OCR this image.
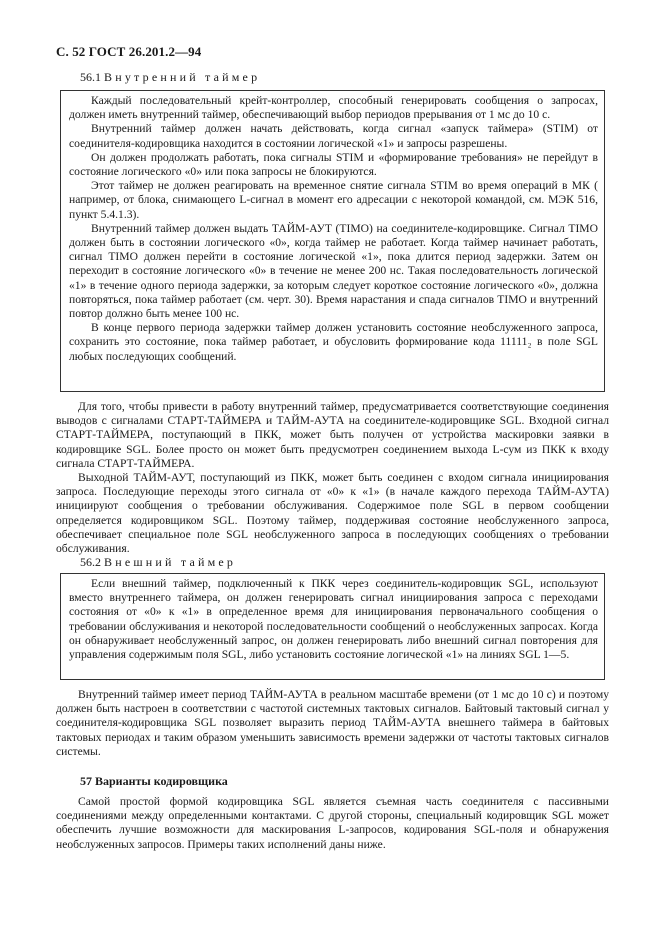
С. 52 ГОСТ 26.201.2—94
56.1 Внутренний таймер

Каждый последовательный крейт-контроллер, способный генерировать сообщения о запросах, должен иметь внутренний таймер, обеспечивающий выбор периодов прерывания от 1 мс до 10 с.

Внутренний таймер должен начать действовать, когда сигнал «запуск таймера» (STIM) от соединителя-кодировщика находится в состоянии логической «1» и запросы разрешены.

Он должен продолжать работать, пока сигналы STIM и «формирование требования» не перейдут в состояние логического «0» или пока запросы не блокируются.

Этот таймер не должен реагировать на временное снятие сигнала STIM во время операций в МК ( например, от блока, снимающего L-сигнал в момент его адресации с некоторой командой, см. МЭК 516, пункт 5.4.1.3).

Внутренний таймер должен выдать ТАЙМ-АУТ (TIMO) на соединителе-кодировщике. Сигнал TIMO должен быть в состоянии логического «0», когда таймер не работает. Когда таймер начинает работать, сигнал TIMO должен перейти в состояние логической «1», пока длится период задержки. Затем он переходит в состояние логического «0» в течение не менее 200 нс. Такая последовательность логической «1» в течение одного периода задержки, за которым следует короткое состояние логического «0», должна повторяться, пока таймер работает (см. черт. 30). Время нарастания и спада сигналов TIMO и внутренний повтор должно быть менее 100 нс.

В конце первого периода задержки таймер должен установить состояние необслуженного запроса, сохранить это состояние, пока таймер работает, и обусловить формирование кода 11111₂ в поле SGL любых последующих сообщений.

Для того, чтобы привести в работу внутренний таймер, предусматривается соответствующие соединения выводов с сигналами СТАРТ-ТАЙМЕРА и ТАЙМ-АУТА на соединителе-кодировщике SGL. Входной сигнал СТАРТ-ТАЙМЕРА, поступающий в ПКК, может быть получен от устройства маскировки заявки в кодировщике SGL. Более просто он может быть предусмотрен соединением выхода L-сум из ПКК к входу сигнала СТАРТ-ТАЙМЕРА.

Выходной ТАЙМ-АУТ, поступающий из ПКК, может быть соединен с входом сигнала инициирования запроса. Последующие переходы этого сигнала от «0» к «1» (в начале каждого перехода ТАЙМ-АУТА) инициируют сообщения о требовании обслуживания. Содержимое поле SGL в первом сообщении определяется кодировщиком SGL. Поэтому таймер, поддерживая состояние необслуженного запроса, обеспечивает специальное поле SGL необслуженного запроса в последующих сообщениях о требовании обслуживания.

56.2 Внешний таймер

Если внешний таймер, подключенный к ПКК через соединитель-кодировщик SGL, используют вместо внутреннего таймера, он должен генерировать сигнал инициирования запроса с переходами состояния от «0» к «1» в определенное время для инициирования первоначального сообщения о требовании обслуживания и некоторой последовательности сообщений о необслуженных запросах. Когда он обнаруживает необслуженный запрос, он должен генерировать либо внешний сигнал повторения для управления содержимым поля SGL, либо установить состояние логической «1» на линиях SGL 1—5.

Внутренний таймер имеет период ТАЙМ-АУТА в реальном масштабе времени (от 1 мс до 10 с) и поэтому должен быть настроен в соответствии с частотой системных тактовых сигналов. Байтовый тактовый сигнал у соединителя-кодировщика SGL позволяет выразить период ТАЙМ-АУТА внешнего таймера в байтовых тактовых периодах и таким образом уменьшить зависимость времени задержки от частоты тактовых сигналов системы.

57 Варианты кодировщика

Самой простой формой кодировщика SGL является съемная часть соединителя с пассивными соединениями между определенными контактами. С другой стороны, специальный кодировщик SGL может обеспечить лучшие возможности для маскирования L-запросов, кодирования SGL-поля и обнаружения необслуженных запросов. Примеры таких исполнений даны ниже.
